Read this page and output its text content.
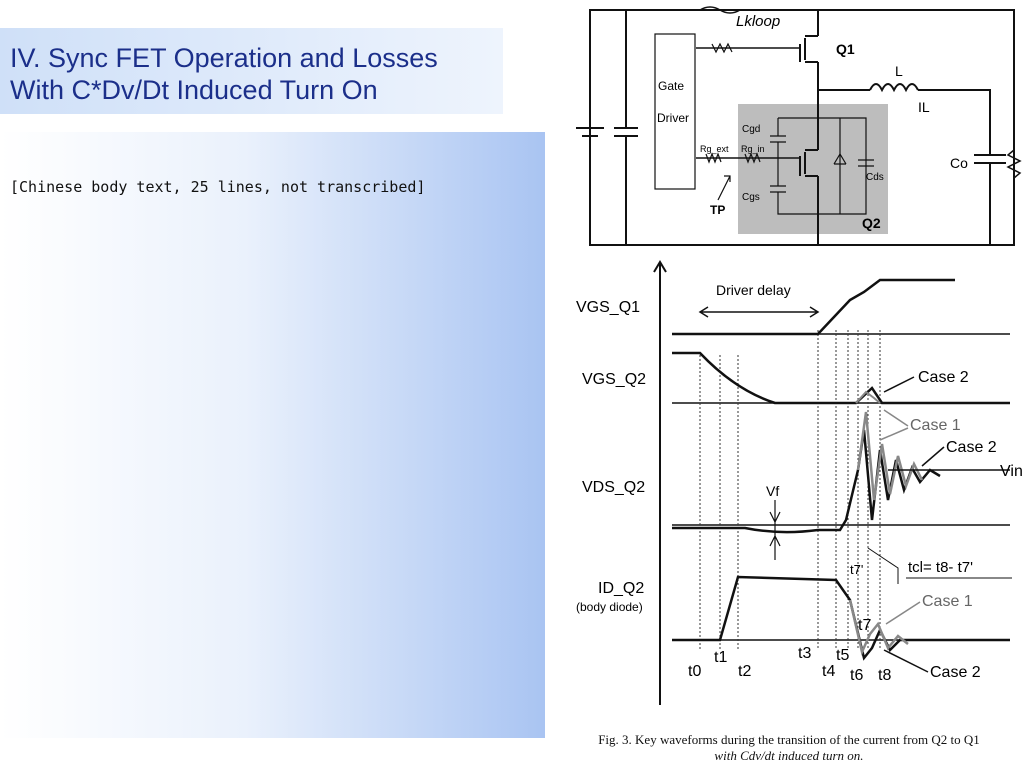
IV. Sync FET Operation and Losses
With C*Dv/Dt Induced Turn On
[Chinese body text, 25 lines, not transcribed]
Lkloop
Q1
L
IL
Gate
Driver
Rg_ext Rg_in
Cgd
Cgs
Cds
TP
Q2
Co
Driver delay
VGS_Q1
VGS_Q2
VDS_Q2
ID_Q2
(body diode)
Case 2
Case 1
Case 2
Vin
Vf
t7'	tcl= t8- t7'
Case 1
Case 2
t0
t1
t2
t3
t4
t5
t6
t7
t8
Fig. 3. Key waveforms during the transition of the current from Q2 to Q1
with Cdv/dt induced turn on.
